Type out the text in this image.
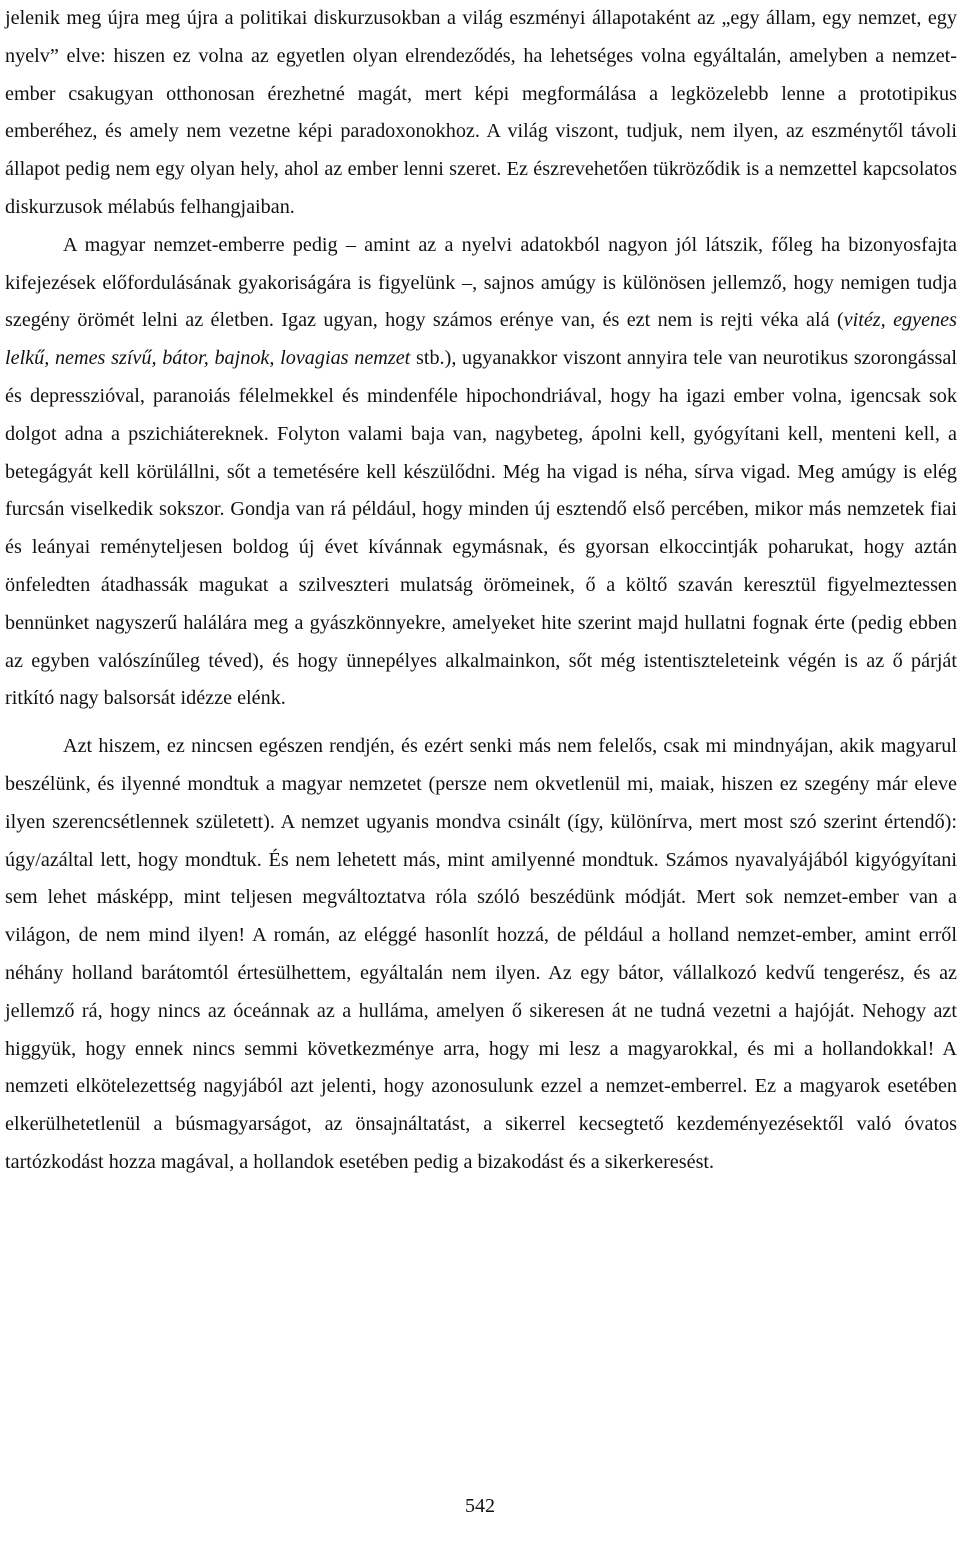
jelenik meg újra meg újra a politikai diskurzusokban a világ eszményi állapotaként az „egy állam, egy nemzet, egy nyelv” elve: hiszen ez volna az egyetlen olyan elrendeződés, ha lehetséges volna egyáltalán, amelyben a nemzet-ember csakugyan otthonosan érezhetné magát, mert képi megformálása a legközelebb lenne a prototipikus emberéhez, és amely nem vezetne képi paradoxonokhoz. A világ viszont, tudjuk, nem ilyen, az eszménytől távoli állapot pedig nem egy olyan hely, ahol az ember lenni szeret. Ez észrevehetően tükröződik is a nemzettel kapcsolatos diskurzusok mélabús felhangjaiban.

A magyar nemzet-emberre pedig – amint az a nyelvi adatokból nagyon jól látszik, főleg ha bizonyosfajta kifejezések előfordulásának gyakoriságára is figyelünk –, sajnos amúgy is különösen jellemző, hogy nemigen tudja szegény örömét lelni az életben. Igaz ugyan, hogy számos erénye van, és ezt nem is rejti véka alá (vitéz, egyenes lelkű, nemes szívű, bátor, bajnok, lovagias nemzet stb.), ugyanakkor viszont annyira tele van neurotikus szorongással és depresszióval, paranoiás félelmekkel és mindenféle hipochondriával, hogy ha igazi ember volna, igencsak sok dolgot adna a pszichiátereknek. Folyton valami baja van, nagybeteg, ápolni kell, gyógyítani kell, menteni kell, a betegágyát kell körülállni, sőt a temetésére kell készülődni. Még ha vigad is néha, sírva vigad. Meg amúgy is elég furcsán viselkedik sokszor. Gondja van rá például, hogy minden új esztendő első percében, mikor más nemzetek fiai és leányai reményteljesen boldog új évet kívánnak egymásnak, és gyorsan elkoccintják poharukat, hogy aztán önfeledten átadhassák magukat a szilveszteri mulatság örömeinek, ő a költő szaván keresztül figyelmeztessen bennünket nagyszerű halálára meg a gyászkönnyekre, amelyeket hite szerint majd hullatni fognak érte (pedig ebben az egyben valószínűleg téved), és hogy ünnepélyes alkalmainkon, sőt még istentiszteleteink végén is az ő párját ritkító nagy balsorsát idézze elénk.

Azt hiszem, ez nincsen egészen rendjén, és ezért senki más nem felelős, csak mi mindnyájan, akik magyarul beszélünk, és ilyenné mondtuk a magyar nemzetet (persze nem okvetlenül mi, maiak, hiszen ez szegény már eleve ilyen szerencsétlennek született). A nemzet ugyanis mondva csinált (így, különírva, mert most szó szerint értendő): úgy/azáltal lett, hogy mondtuk. És nem lehetett más, mint amilyenné mondtuk. Számos nyavalyájából kigyógyítani sem lehet másképp, mint teljesen megváltoztatva róla szóló beszédünk módját. Mert sok nemzet-ember van a világon, de nem mind ilyen! A román, az eléggé hasonlít hozzá, de például a holland nemzet-ember, amint erről néhány holland barátomtól értesülhettem, egyáltalán nem ilyen. Az egy bátor, vállalkozó kedvű tengerész, és az jellemző rá, hogy nincs az óceánnak az a hulláma, amelyen ő sikeresen át ne tudná vezetni a hajóját. Nehogy azt higgyük, hogy ennek nincs semmi következménye arra, hogy mi lesz a magyarokkal, és mi a hollandokkal! A nemzeti elkötelezettség nagyjából azt jelenti, hogy azonosulunk ezzel a nemzet-emberrel. Ez a magyarok esetében elkerülhetetlenül a búsmagyarságot, az önsajnáltatást, a sikerrel kecsegtető kezdeményezésektől való óvatos tartózkodást hozza magával, a hollandok esetében pedig a bizakodást és a sikerkeresést.

542
